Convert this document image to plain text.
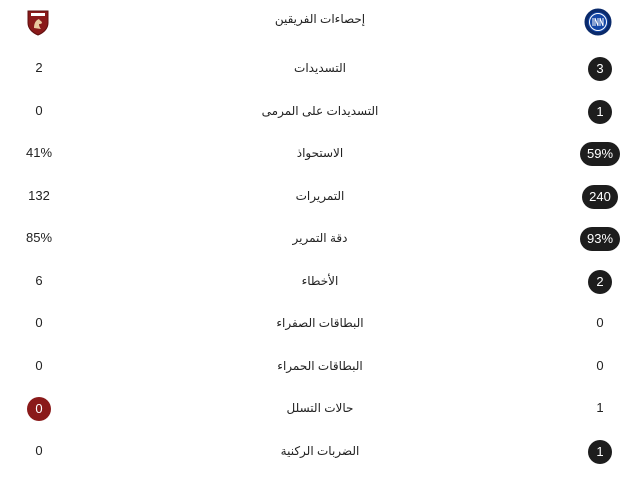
إحصاءات الفريقين
3
التسديدات
2
1
التسديدات على المرمى
0
59%
الاستحواذ
41%
240
التمريرات
132
93%
دقة التمرير
85%
2
الأخطاء
6
0
البطاقات الصفراء
0
0
البطاقات الحمراء
0
1
حالات التسلل
0
1
الضربات الركنية
0
